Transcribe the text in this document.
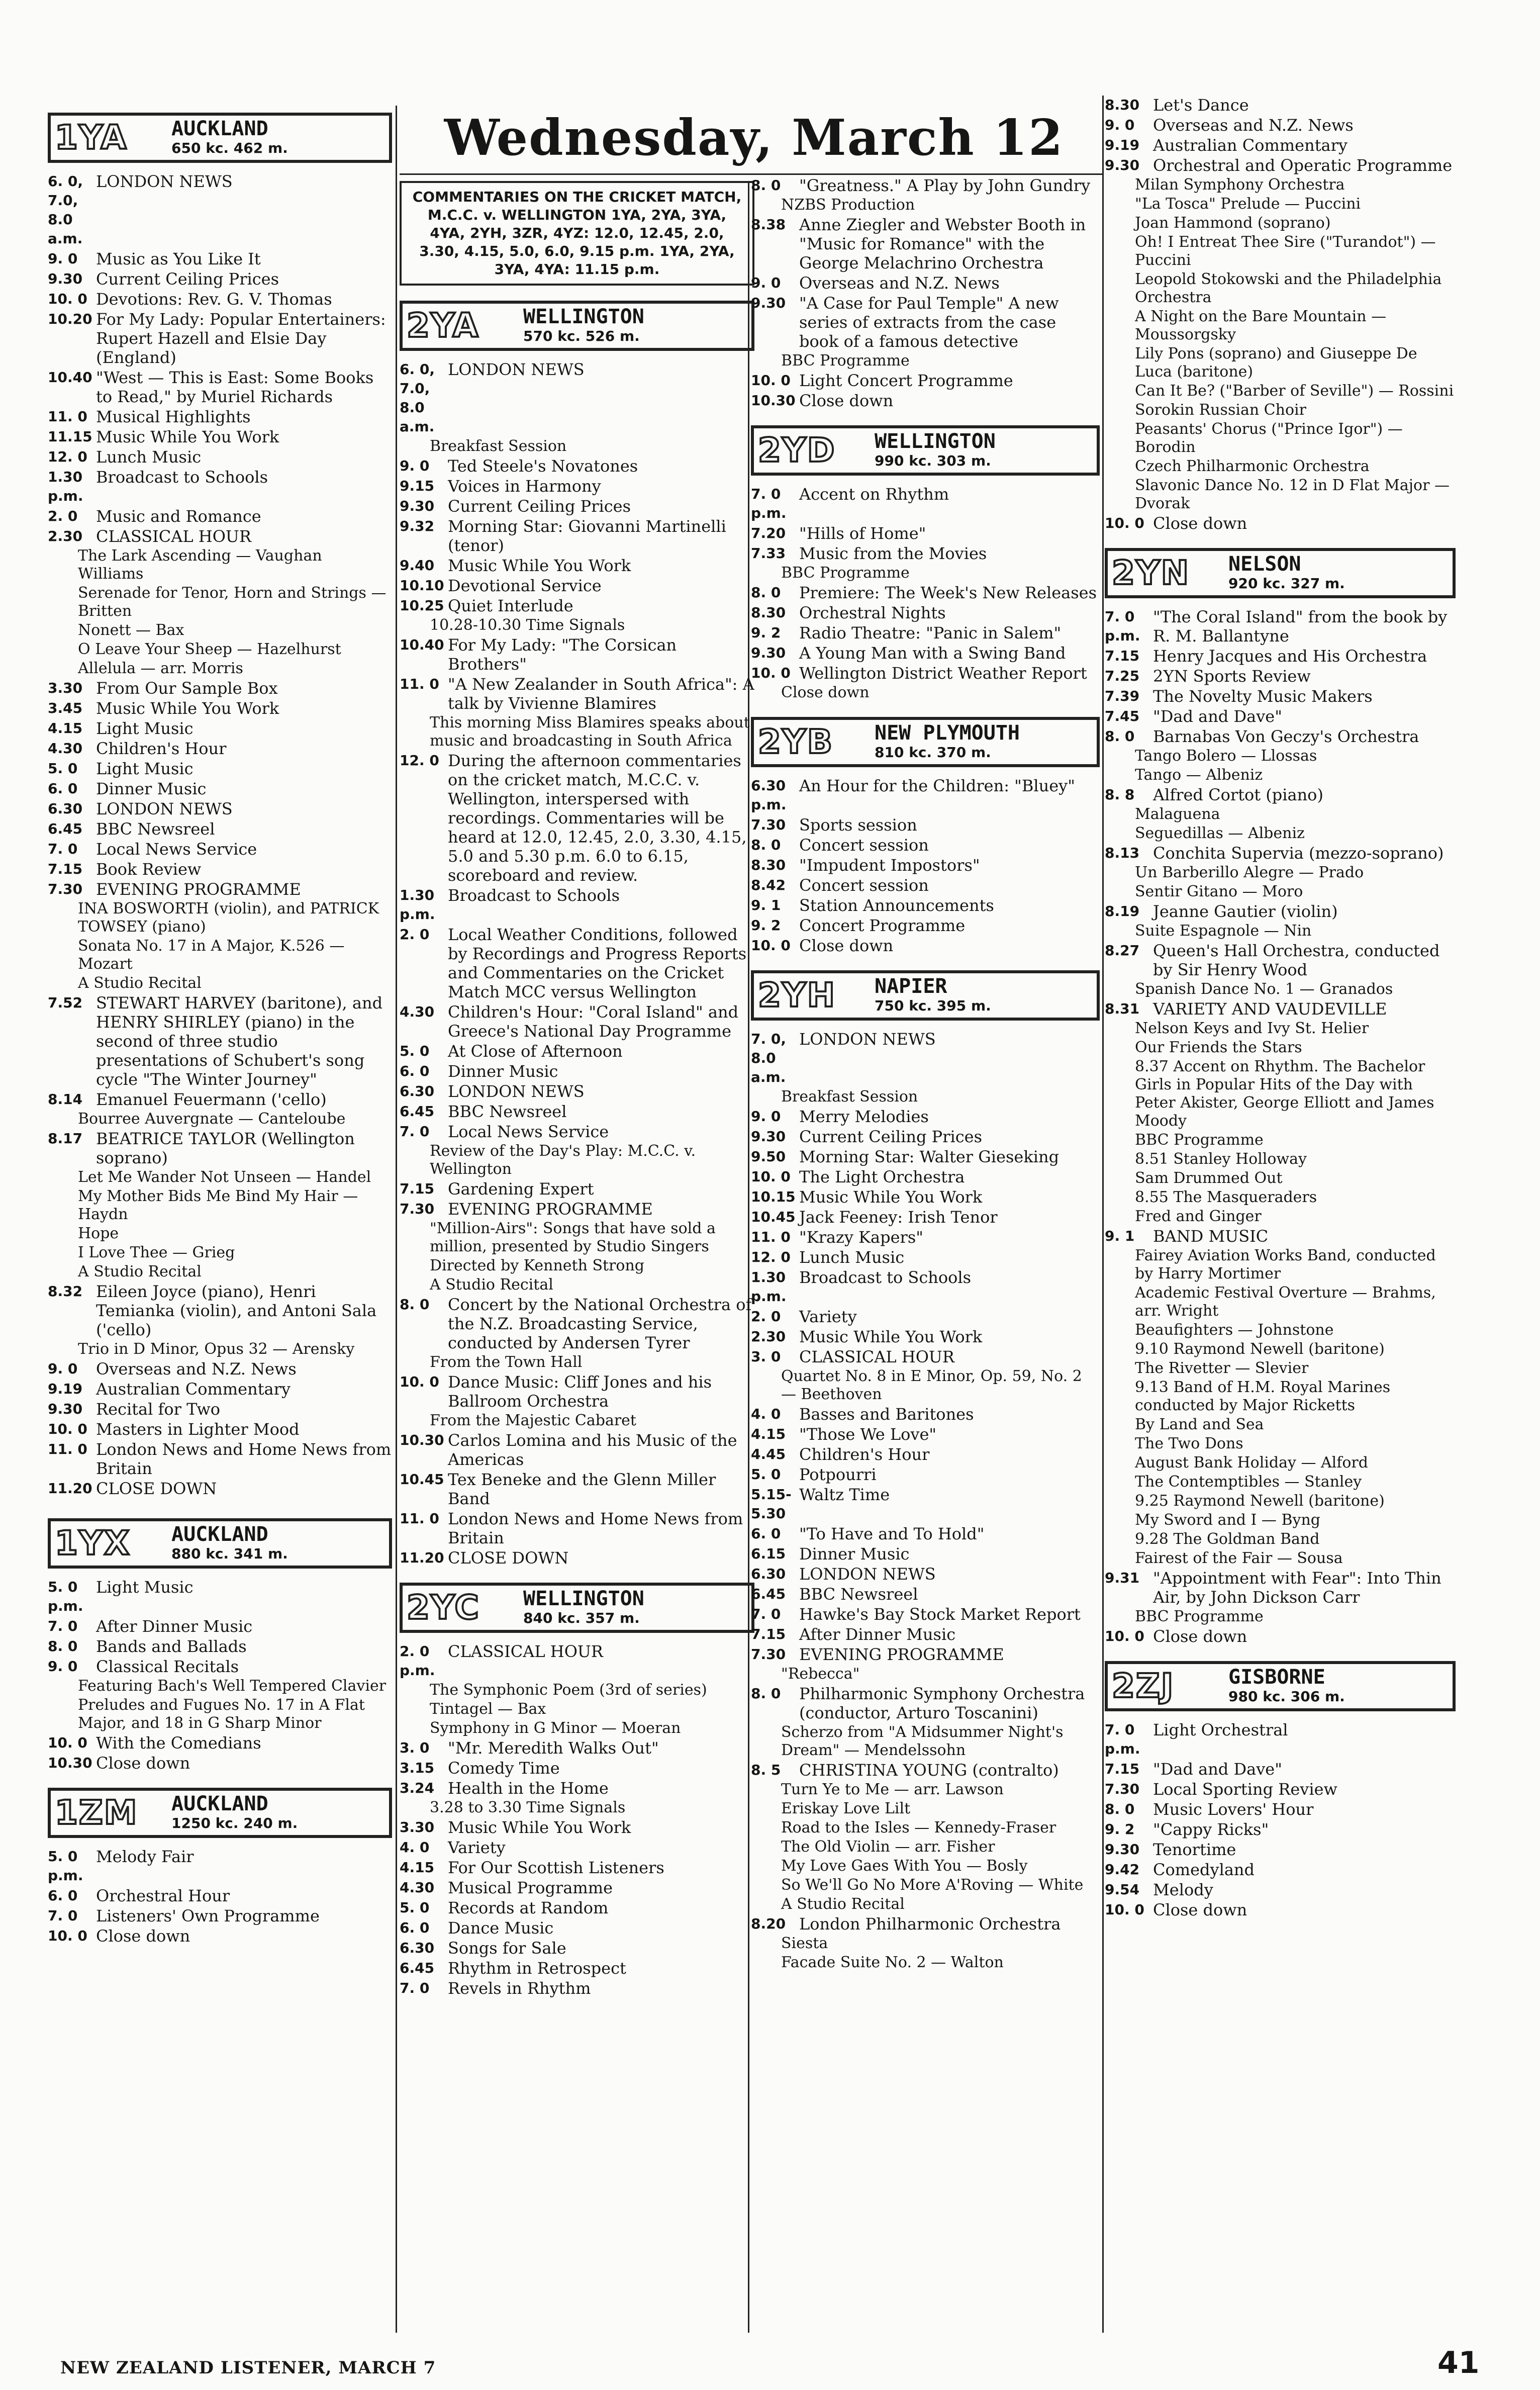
Wednesday, March 12
1YA AUCKLAND
650 kc. 462 m.
6. 0, 7.0, 8.0 a.m.
LONDON NEWS
9. 0	Music as You Like It
9.30 Current Ceiling Prices
10. 0 Devotions: Rev. G. V. Thomas
10.20 For My Lady: Popular Entertainers: Rupert Hazell and Elsie Day (England)
10.40 "West — This is East: Some Books to Read," by Muriel Richards
11. 0 Musical Highlights
11.15 Music While You Work
12. 0 Lunch Music
1.30 p.m.
Broadcast to Schools
2. 0	Music and Romance
2.30 CLASSICAL HOUR
The Lark Ascending — Vaughan Williams
Serenade for Tenor, Horn and Strings — Britten
Nonett — Bax
O Leave Your Sheep — Hazelhurst
Allelula — arr. Morris
3.30 From Our Sample Box
3.45 Music While You Work
4.15 Light Music
4.30 Children's Hour
5. 0	Light Music
6. 0	Dinner Music
6.30 LONDON NEWS
6.45 BBC Newsreel
7. 0	Local News Service
7.15 Book Review
7.30 EVENING PROGRAMME
INA BOSWORTH (violin), and PATRICK TOWSEY (piano)
Sonata No. 17 in A Major, K.526 — Mozart
A Studio Recital
7.52 STEWART HARVEY (baritone), and HENRY SHIRLEY (piano) in the second of three studio presentations of Schubert's song cycle "The Winter Journey"
8.14 Emanuel Feuermann ('cello)
Bourree Auvergnate — Canteloube
8.17 BEATRICE TAYLOR (Wellington soprano)
Let Me Wander Not Unseen — Handel
My Mother Bids Me Bind My Hair — Haydn
Hope
I Love Thee — Grieg
A Studio Recital
8.32 Eileen Joyce (piano), Henri Temianka (violin), and Antoni Sala ('cello)
Trio in D Minor, Opus 32 — Arensky
9. 0	Overseas and N.Z. News
9.19 Australian Commentary
9.30 Recital for Two
10. 0 Masters in Lighter Mood
11. 0 London News and Home News from Britain
11.20 CLOSE DOWN
1YX AUCKLAND
880 kc. 341 m.
5. 0 p.m.
Light Music
7. 0	After Dinner Music
8. 0	Bands and Ballads
9. 0	Classical Recitals
Featuring Bach's Well Tempered Clavier
Preludes and Fugues No. 17 in A Flat Major, and 18 in G Sharp Minor
10. 0 With the Comedians
10.30 Close down
1ZM AUCKLAND
1250 kc. 240 m.
5. 0 p.m.
Melody Fair
6. 0	Orchestral Hour
7. 0	Listeners' Own Programme
10. 0 Close down
COMMENTARIES ON THE CRICKET MATCH, M.C.C. v. WELLINGTON 1YA, 2YA, 3YA, 4YA, 2YH, 3ZR, 4YZ: 12.0, 12.45, 2.0, 3.30, 4.15, 5.0, 6.0, 9.15 p.m. 1YA, 2YA, 3YA, 4YA: 11.15 p.m.
2YA WELLINGTON
570 kc. 526 m.
6. 0, 7.0, 8.0 a.m.
LONDON NEWS
Breakfast Session
9. 0	Ted Steele's Novatones
9.15 Voices in Harmony
9.30 Current Ceiling Prices
9.32 Morning Star: Giovanni Martinelli (tenor)
9.40 Music While You Work
10.10 Devotional Service
10.25 Quiet Interlude
10.28-10.30 Time Signals
10.40 For My Lady: "The Corsican Brothers"
11. 0 "A New Zealander in South Africa": A talk by Vivienne Blamires
This morning Miss Blamires speaks about music and broadcasting in South Africa
12. 0 During the afternoon commentaries on the cricket match, M.C.C. v. Wellington, interspersed with recordings. Commentaries will be heard at 12.0, 12.45, 2.0, 3.30, 4.15, 5.0 and 5.30 p.m. 6.0 to 6.15, scoreboard and review.
1.30 p.m.
Broadcast to Schools
2. 0	Local Weather Conditions, followed by Recordings and Progress Reports and Commentaries on the Cricket Match MCC versus Wellington
4.30 Children's Hour: "Coral Island" and Greece's National Day Programme
5. 0	At Close of Afternoon
6. 0	Dinner Music
6.30 LONDON NEWS
6.45 BBC Newsreel
7. 0	Local News Service
Review of the Day's Play: M.C.C. v. Wellington
7.15 Gardening Expert
7.30 EVENING PROGRAMME
"Million-Airs": Songs that have sold a million, presented by Studio Singers
Directed by Kenneth Strong
A Studio Recital
8. 0	Concert by the National Orchestra of the N.Z. Broadcasting Service, conducted by Andersen Tyrer
From the Town Hall
10. 0 Dance Music: Cliff Jones and his Ballroom Orchestra
From the Majestic Cabaret
10.30 Carlos Lomina and his Music of the Americas
10.45 Tex Beneke and the Glenn Miller Band
11. 0 London News and Home News from Britain
11.20 CLOSE DOWN
2YC WELLINGTON
840 kc. 357 m.
2. 0 p.m.
CLASSICAL HOUR
The Symphonic Poem (3rd of series)
Tintagel — Bax
Symphony in G Minor — Moeran
3. 0	"Mr. Meredith Walks Out"
3.15 Comedy Time
3.24 Health in the Home
3.28 to 3.30 Time Signals
3.30 Music While You Work
4. 0	Variety
4.15 For Our Scottish Listeners
4.30 Musical Programme
5. 0	Records at Random
6. 0	Dance Music
6.30 Songs for Sale
6.45 Rhythm in Retrospect
7. 0	Revels in Rhythm
8. 0	"Greatness." A Play by John Gundry
NZBS Production
8.38 Anne Ziegler and Webster Booth in "Music for Romance" with the George Melachrino Orchestra
9. 0	Overseas and N.Z. News
9.30 "A Case for Paul Temple" A new series of extracts from the case book of a famous detective
BBC Programme
10. 0 Light Concert Programme
10.30 Close down
2YD WELLINGTON
990 kc. 303 m.
7. 0 p.m.
Accent on Rhythm
7.20 "Hills of Home"
7.33 Music from the Movies
BBC Programme
8. 0	Premiere: The Week's New Releases
8.30 Orchestral Nights
9. 2	Radio Theatre: "Panic in Salem"
9.30 A Young Man with a Swing Band
10. 0 Wellington District Weather Report
Close down
2YB NEW PLYMOUTH
810 kc. 370 m.
6.30 p.m.
An Hour for the Children: "Bluey"
7.30 Sports session
8. 0	Concert session
8.30 "Impudent Impostors"
8.42 Concert session
9. 1	Station Announcements
9. 2	Concert Programme
10. 0 Close down
2YH NAPIER
750 kc. 395 m.
7. 0, 8.0 a.m.
LONDON NEWS
Breakfast Session
9. 0	Merry Melodies
9.30 Current Ceiling Prices
9.50 Morning Star: Walter Gieseking
10. 0 The Light Orchestra
10.15 Music While You Work
10.45 Jack Feeney: Irish Tenor
11. 0 "Krazy Kapers"
12. 0 Lunch Music
1.30 p.m.
Broadcast to Schools
2. 0	Variety
2.30 Music While You Work
3. 0	CLASSICAL HOUR
Quartet No. 8 in E Minor, Op. 59, No. 2 — Beethoven
4. 0	Basses and Baritones
4.15 "Those We Love"
4.45 Children's Hour
5. 0	Potpourri
5.15-5.30
Waltz Time
6. 0	"To Have and To Hold"
6.15 Dinner Music
6.30 LONDON NEWS
6.45 BBC Newsreel
7. 0	Hawke's Bay Stock Market Report
7.15 After Dinner Music
7.30 EVENING PROGRAMME
"Rebecca"
8. 0	Philharmonic Symphony Orchestra (conductor, Arturo Toscanini)
Scherzo from "A Midsummer Night's Dream" — Mendelssohn
8. 5	CHRISTINA YOUNG (contralto)
Turn Ye to Me — arr. Lawson
Eriskay Love Lilt
Road to the Isles — Kennedy-Fraser
The Old Violin — arr. Fisher
My Love Gaes With You — Bosly
So We'll Go No More A'Roving — White
A Studio Recital
8.20 London Philharmonic Orchestra
Siesta
Facade Suite No. 2 — Walton
8.30 Let's Dance
9. 0	Overseas and N.Z. News
9.19 Australian Commentary
9.30 Orchestral and Operatic Programme
Milan Symphony Orchestra
"La Tosca" Prelude — Puccini
Joan Hammond (soprano)
Oh! I Entreat Thee Sire ("Turandot") — Puccini
Leopold Stokowski and the Philadelphia Orchestra
A Night on the Bare Mountain — Moussorgsky
Lily Pons (soprano) and Giuseppe De Luca (baritone)
Can It Be? ("Barber of Seville") — Rossini
Sorokin Russian Choir
Peasants' Chorus ("Prince Igor") — Borodin
Czech Philharmonic Orchestra
Slavonic Dance No. 12 in D Flat Major — Dvorak
10. 0 Close down
2YN NELSON
920 kc. 327 m.
7. 0 p.m.
"The Coral Island" from the book by R. M. Ballantyne
7.15 Henry Jacques and His Orchestra
7.25 2YN Sports Review
7.39 The Novelty Music Makers
7.45 "Dad and Dave"
8. 0	Barnabas Von Geczy's Orchestra
Tango Bolero — Llossas
Tango — Albeniz
8. 8	Alfred Cortot (piano)
Malaguena
Seguedillas — Albeniz
8.13 Conchita Supervia (mezzo-soprano)
Un Barberillo Alegre — Prado
Sentir Gitano — Moro
8.19 Jeanne Gautier (violin)
Suite Espagnole — Nin
8.27 Queen's Hall Orchestra, conducted by Sir Henry Wood
Spanish Dance No. 1 — Granados
8.31 VARIETY AND VAUDEVILLE
Nelson Keys and Ivy St. Helier
Our Friends the Stars
8.37 Accent on Rhythm. The Bachelor Girls in Popular Hits of the Day with Peter Akister, George Elliott and James Moody
BBC Programme
8.51 Stanley Holloway
Sam Drummed Out
8.55 The Masqueraders
Fred and Ginger
9. 1	BAND MUSIC
Fairey Aviation Works Band, conducted by Harry Mortimer
Academic Festival Overture — Brahms, arr. Wright
Beaufighters — Johnstone
9.10 Raymond Newell (baritone)
The Rivetter — Slevier
9.13 Band of H.M. Royal Marines conducted by Major Ricketts
By Land and Sea
The Two Dons
August Bank Holiday — Alford
The Contemptibles — Stanley
9.25 Raymond Newell (baritone)
My Sword and I — Byng
9.28 The Goldman Band
Fairest of the Fair — Sousa
9.31 "Appointment with Fear": Into Thin Air, by John Dickson Carr
BBC Programme
10. 0 Close down
2ZJ	GISBORNE
980 kc. 306 m.
7. 0 p.m.
Light Orchestral
7.15 "Dad and Dave"
7.30 Local Sporting Review
8. 0	Music Lovers' Hour
9. 2	"Cappy Ricks"
9.30 Tenortime
9.42 Comedyland
9.54 Melody
10. 0 Close down
NEW ZEALAND LISTENER, MARCH 7	41
